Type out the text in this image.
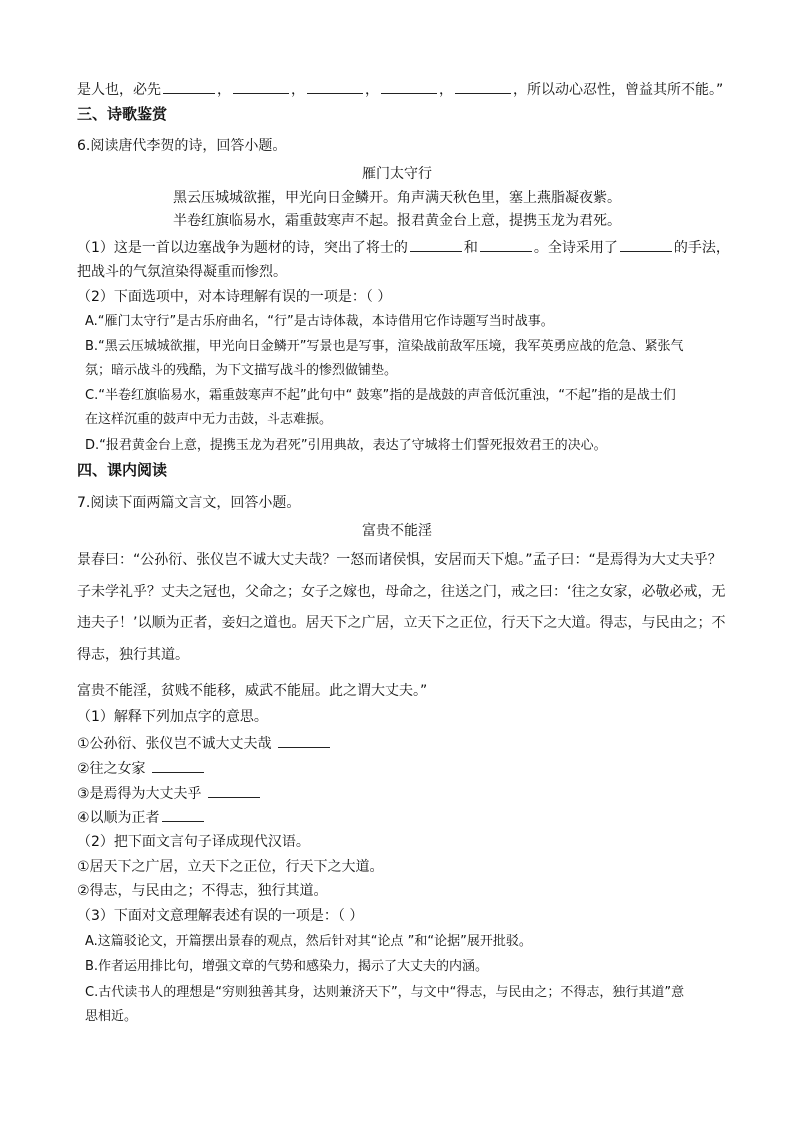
是人也，必先	，	，	，	，	，所以动心忍性，曾益其所不能。”
三、诗歌鉴赏
6.阅读唐代李贺的诗，回答小题。
雁门太守行
黑云压城城欲摧，甲光向日金鳞开。角声满天秋色里，塞上燕脂凝夜紫。
半卷红旗临易水，霜重鼓寒声不起。报君黄金台上意，提携玉龙为君死。
（1）这是一首以边塞战争为题材的诗，突出了将士的	和	。全诗采用了	的手法，
把战斗的气氛渲染得凝重而惨烈。
（2）下面选项中，对本诗理解有误的一项是：（ ）
A.“雁门太守行”是古乐府曲名，“行”是古诗体裁，本诗借用它作诗题写当时战事。
B.“黑云压城城欲摧，甲光向日金鳞开”写景也是写事，渲染战前敌军压境，我军英勇应战的危急、紧张气
氛；暗示战斗的残酷，为下文描写战斗的惨烈做铺垫。
C.“半卷红旗临易水，霜重鼓寒声不起”此句中“ 鼓寒”指的是战鼓的声音低沉重浊，“不起”指的是战士们
在这样沉重的鼓声中无力击鼓，斗志难振。
D.“报君黄金台上意，提携玉龙为君死”引用典故，表达了守城将士们誓死报效君王的决心。
四、课内阅读
7.阅读下面两篇文言文，回答小题。
富贵不能淫
景春曰：“公孙衍、张仪岂不诚大丈夫哉？一怒而诸侯惧，安居而天下熄。”孟子曰：“是焉得为大丈夫乎？
子未学礼乎？丈夫之冠也，父命之；女子之嫁也，母命之，往送之门，戒之曰：‘往之女家，必敬必戒，无
违夫子！’以顺为正者，妾妇之道也。居天下之广居，立天下之正位，行天下之大道。得志，与民由之；不
得志，独行其道。
富贵不能淫，贫贱不能移，威武不能屈。此之谓大丈夫。”
（1）解释下列加点字的意思。
①公孙衍、张仪岂不诚大丈夫哉
②往之女家
③是焉得为大丈夫乎
④以顺为正者
（2）把下面文言句子译成现代汉语。
①居天下之广居，立天下之正位，行天下之大道。
②得志，与民由之；不得志，独行其道。
（3）下面对文意理解表述有误的一项是：（ ）
A.这篇驳论文，开篇摆出景春的观点，然后针对其“论点 ”和“论据”展开批驳。
B.作者运用排比句，增强文章的气势和感染力，揭示了大丈夫的内涵。
C.古代读书人的理想是“穷则独善其身，达则兼济天下”，与文中“得志，与民由之；不得志，独行其道”意
思相近。
